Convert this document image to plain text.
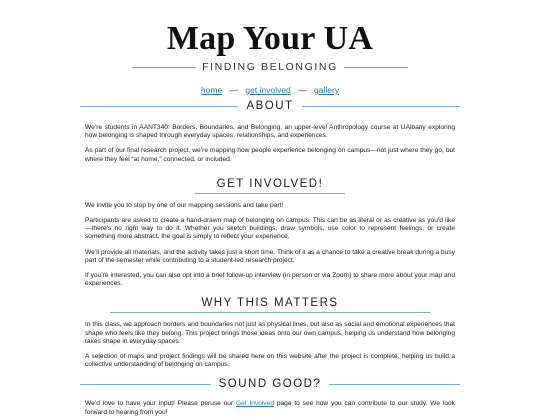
Map Your UA
FINDING BELONGING
home — get involved — gallery
ABOUT

We’re students in AANT340: Borders, Boundaries, and Belonging, an upper-level Anthropology course at UAlbany exploring how belonging is shaped through everyday spaces, relationships, and experiences.

As part of our final research project, we’re mapping how people experience belonging on campus—not just where they go, but where they feel “at home,” connected, or included.

GET INVOLVED!

We invite you to stop by one of our mapping sessions and take part!

Participants are asked to create a hand-drawn map of belonging on campus. This can be as literal or as creative as you’d like—there’s no right way to do it. Whether you sketch buildings, draw symbols, use color to represent feelings, or create something more abstract, the goal is simply to reflect your experience.

We’ll provide all materials, and the activity takes just a short time. Think of it as a chance to take a creative break during a busy part of the semester while contributing to a student-led research project.

If you’re interested, you can also opt into a brief follow-up interview (in person or via Zoom) to share more about your map and experiences.

WHY THIS MATTERS

In this class, we approach borders and boundaries not just as physical lines, but also as social and emotional experiences that shape who feels like they belong. This project brings those ideas onto our own campus, helping us understand how belonging takes shape in everyday spaces.

A selection of maps and project findings will be shared here on this website after the project is complete, helping us build a collective understanding of belonging on campus.

SOUND GOOD?

We’d love to have your input! Please peruse our Get Involved page to see how you can contribute to our study. We look forward to hearing from you!
